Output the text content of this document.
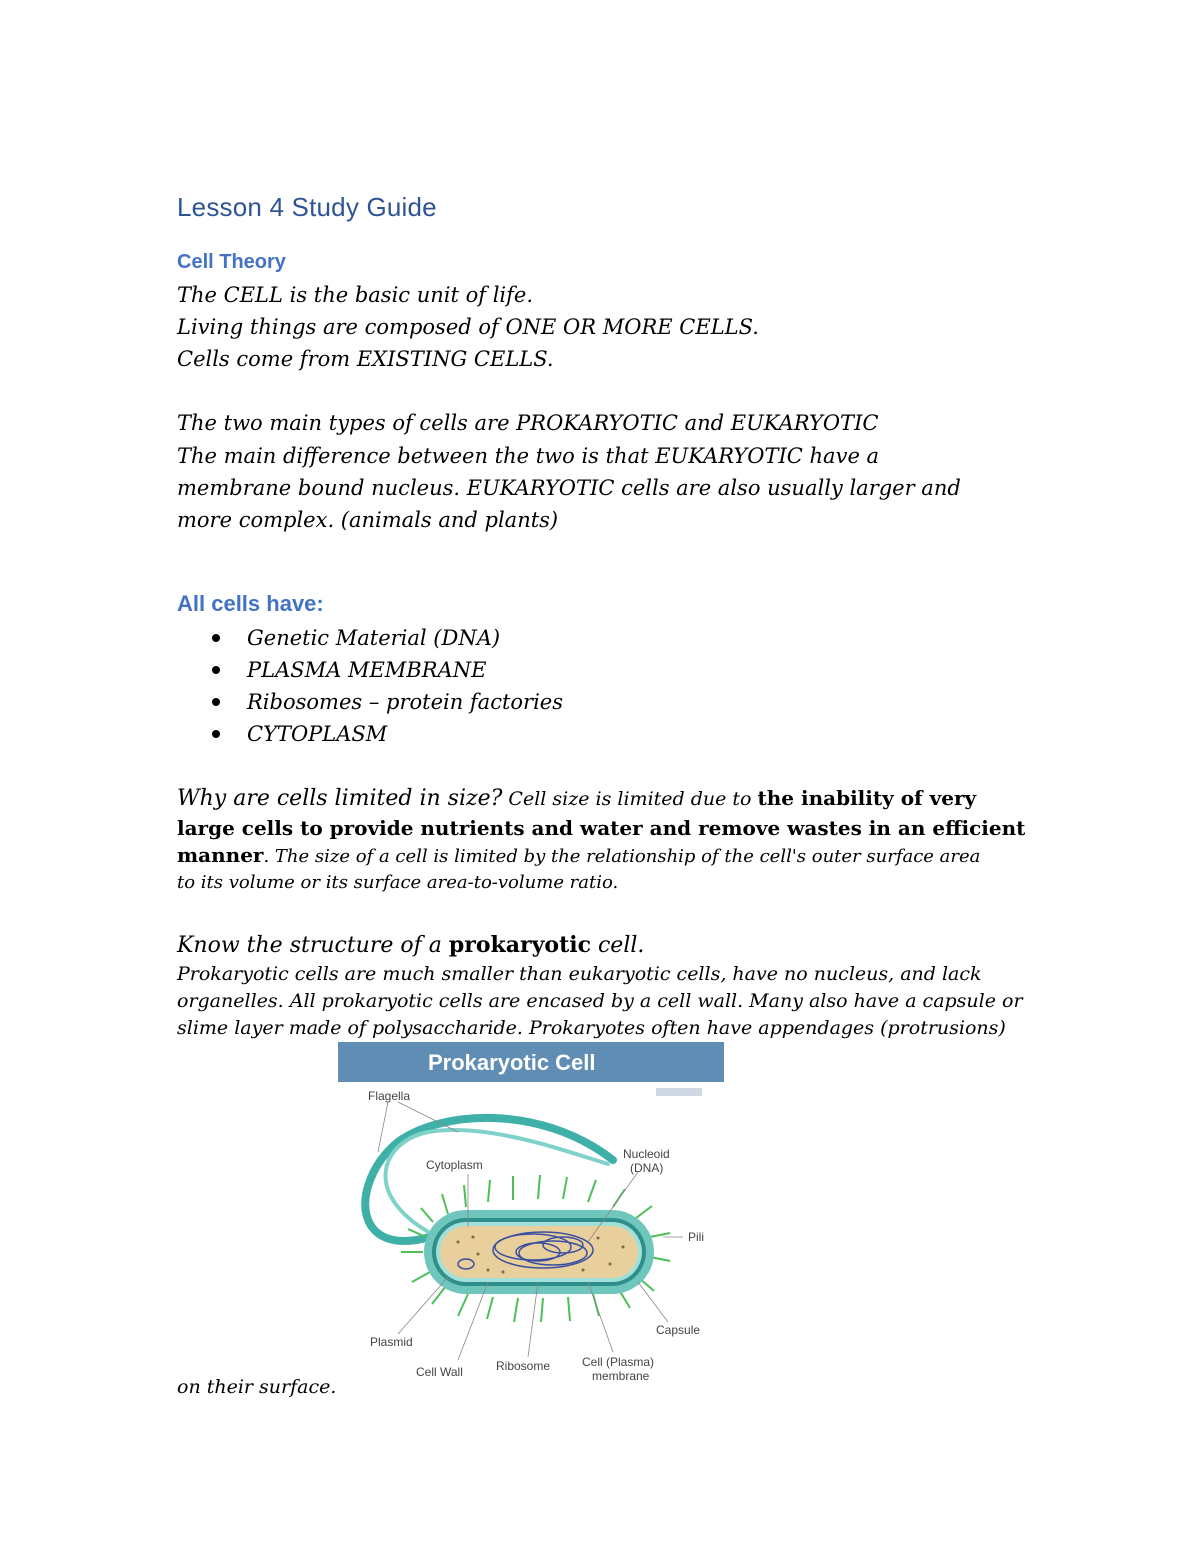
Lesson 4 Study Guide
Cell Theory

The CELL is the basic unit of life.

Living things are composed of ONE OR MORE CELLS.

Cells come from EXISTING CELLS.

The two main types of cells are PROKARYOTIC and EUKARYOTIC

The main difference between the two is that EUKARYOTIC have a

membrane bound nucleus. EUKARYOTIC cells are also usually larger and

more complex. (animals and plants)

All cells have:
Genetic Material (DNA)
PLASMA MEMBRANE
Ribosomes – protein factories
CYTOPLASM

Why are cells limited in size? Cell size is limited due to the inability of very

large cells to provide nutrients and water and remove wastes in an efficient

manner. The size of a cell is limited by the relationship of the cell's outer surface area

to its volume or its surface area-to-volume ratio.

Know the structure of a prokaryotic cell.

Prokaryotic cells are much smaller than eukaryotic cells, have no nucleus, and lack

organelles. All prokaryotic cells are encased by a cell wall. Many also have a capsule or

slime layer made of polysaccharide. Prokaryotes often have appendages (protrusions)

on their surface.

Prokaryotic Cell
Flagella
Cytoplasm
Nucleoid
(DNA)
Pili
Capsule
Plasmid
Cell Wall	Ribosome	Cell (Plasma)
membrane
